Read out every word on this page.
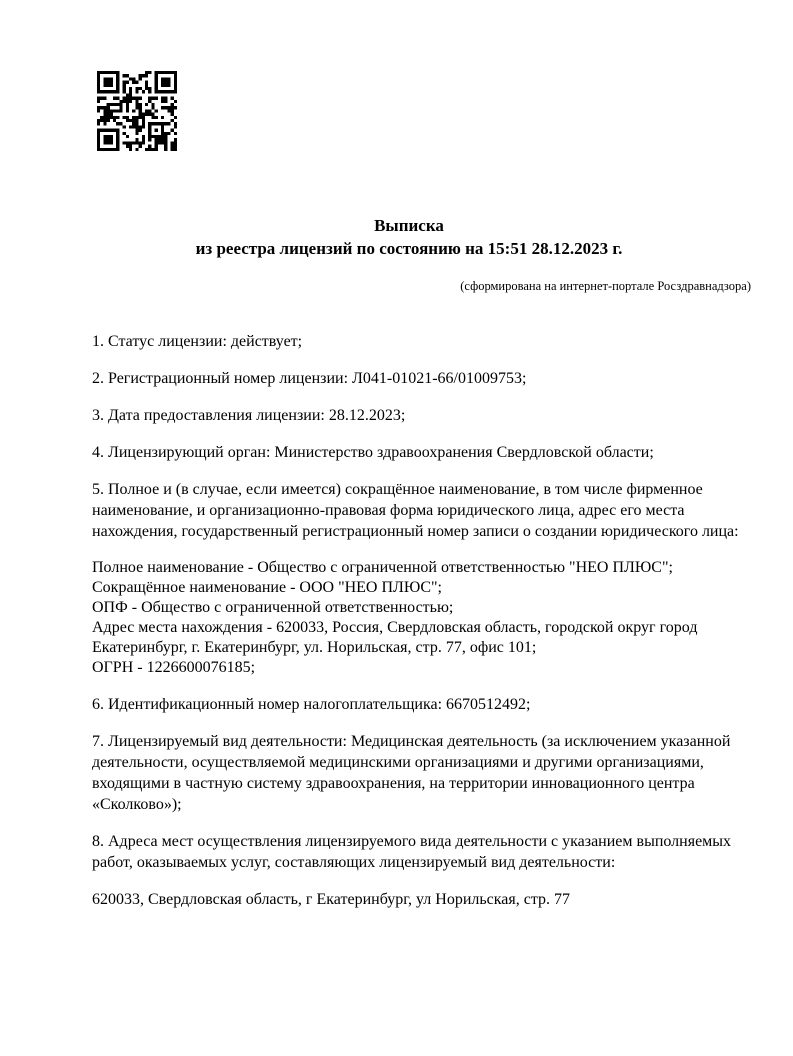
Выписка
из реестра лицензий по состоянию на 15:51 28.12.2023 г.
(сформирована на интернет-портале Росздравнадзора)

1. Статус лицензии: действует;

2. Регистрационный номер лицензии: Л041-01021-66/01009753;

3. Дата предоставления лицензии: 28.12.2023;

4. Лицензирующий орган: Министерство здравоохранения Свердловской области;

5. Полное и (в случае, если имеется) сокращённое наименование, в том числе фирменное наименование, и организационно-правовая форма юридического лица, адрес его места нахождения, государственный регистрационный номер записи о создании юридического лица:

Полное наименование - Общество с ограниченной ответственностью "НЕО ПЛЮС";
Сокращённое наименование - ООО "НЕО ПЛЮС";
ОПФ - Общество с ограниченной ответственностью;
Адрес места нахождения - 620033, Россия, Свердловская область, городской округ город Екатеринбург, г. Екатеринбург, ул. Норильская, стр. 77, офис 101;
ОГРН - 1226600076185;

6. Идентификационный номер налогоплательщика: 6670512492;

7. Лицензируемый вид деятельности: Медицинская деятельность (за исключением указанной деятельности, осуществляемой медицинскими организациями и другими организациями, входящими в частную систему здравоохранения, на территории инновационного центра «Сколково»);

8. Адреса мест осуществления лицензируемого вида деятельности с указанием выполняемых работ, оказываемых услуг, составляющих лицензируемый вид деятельности:

620033, Свердловская область, г Екатеринбург, ул Норильская, стр. 77
